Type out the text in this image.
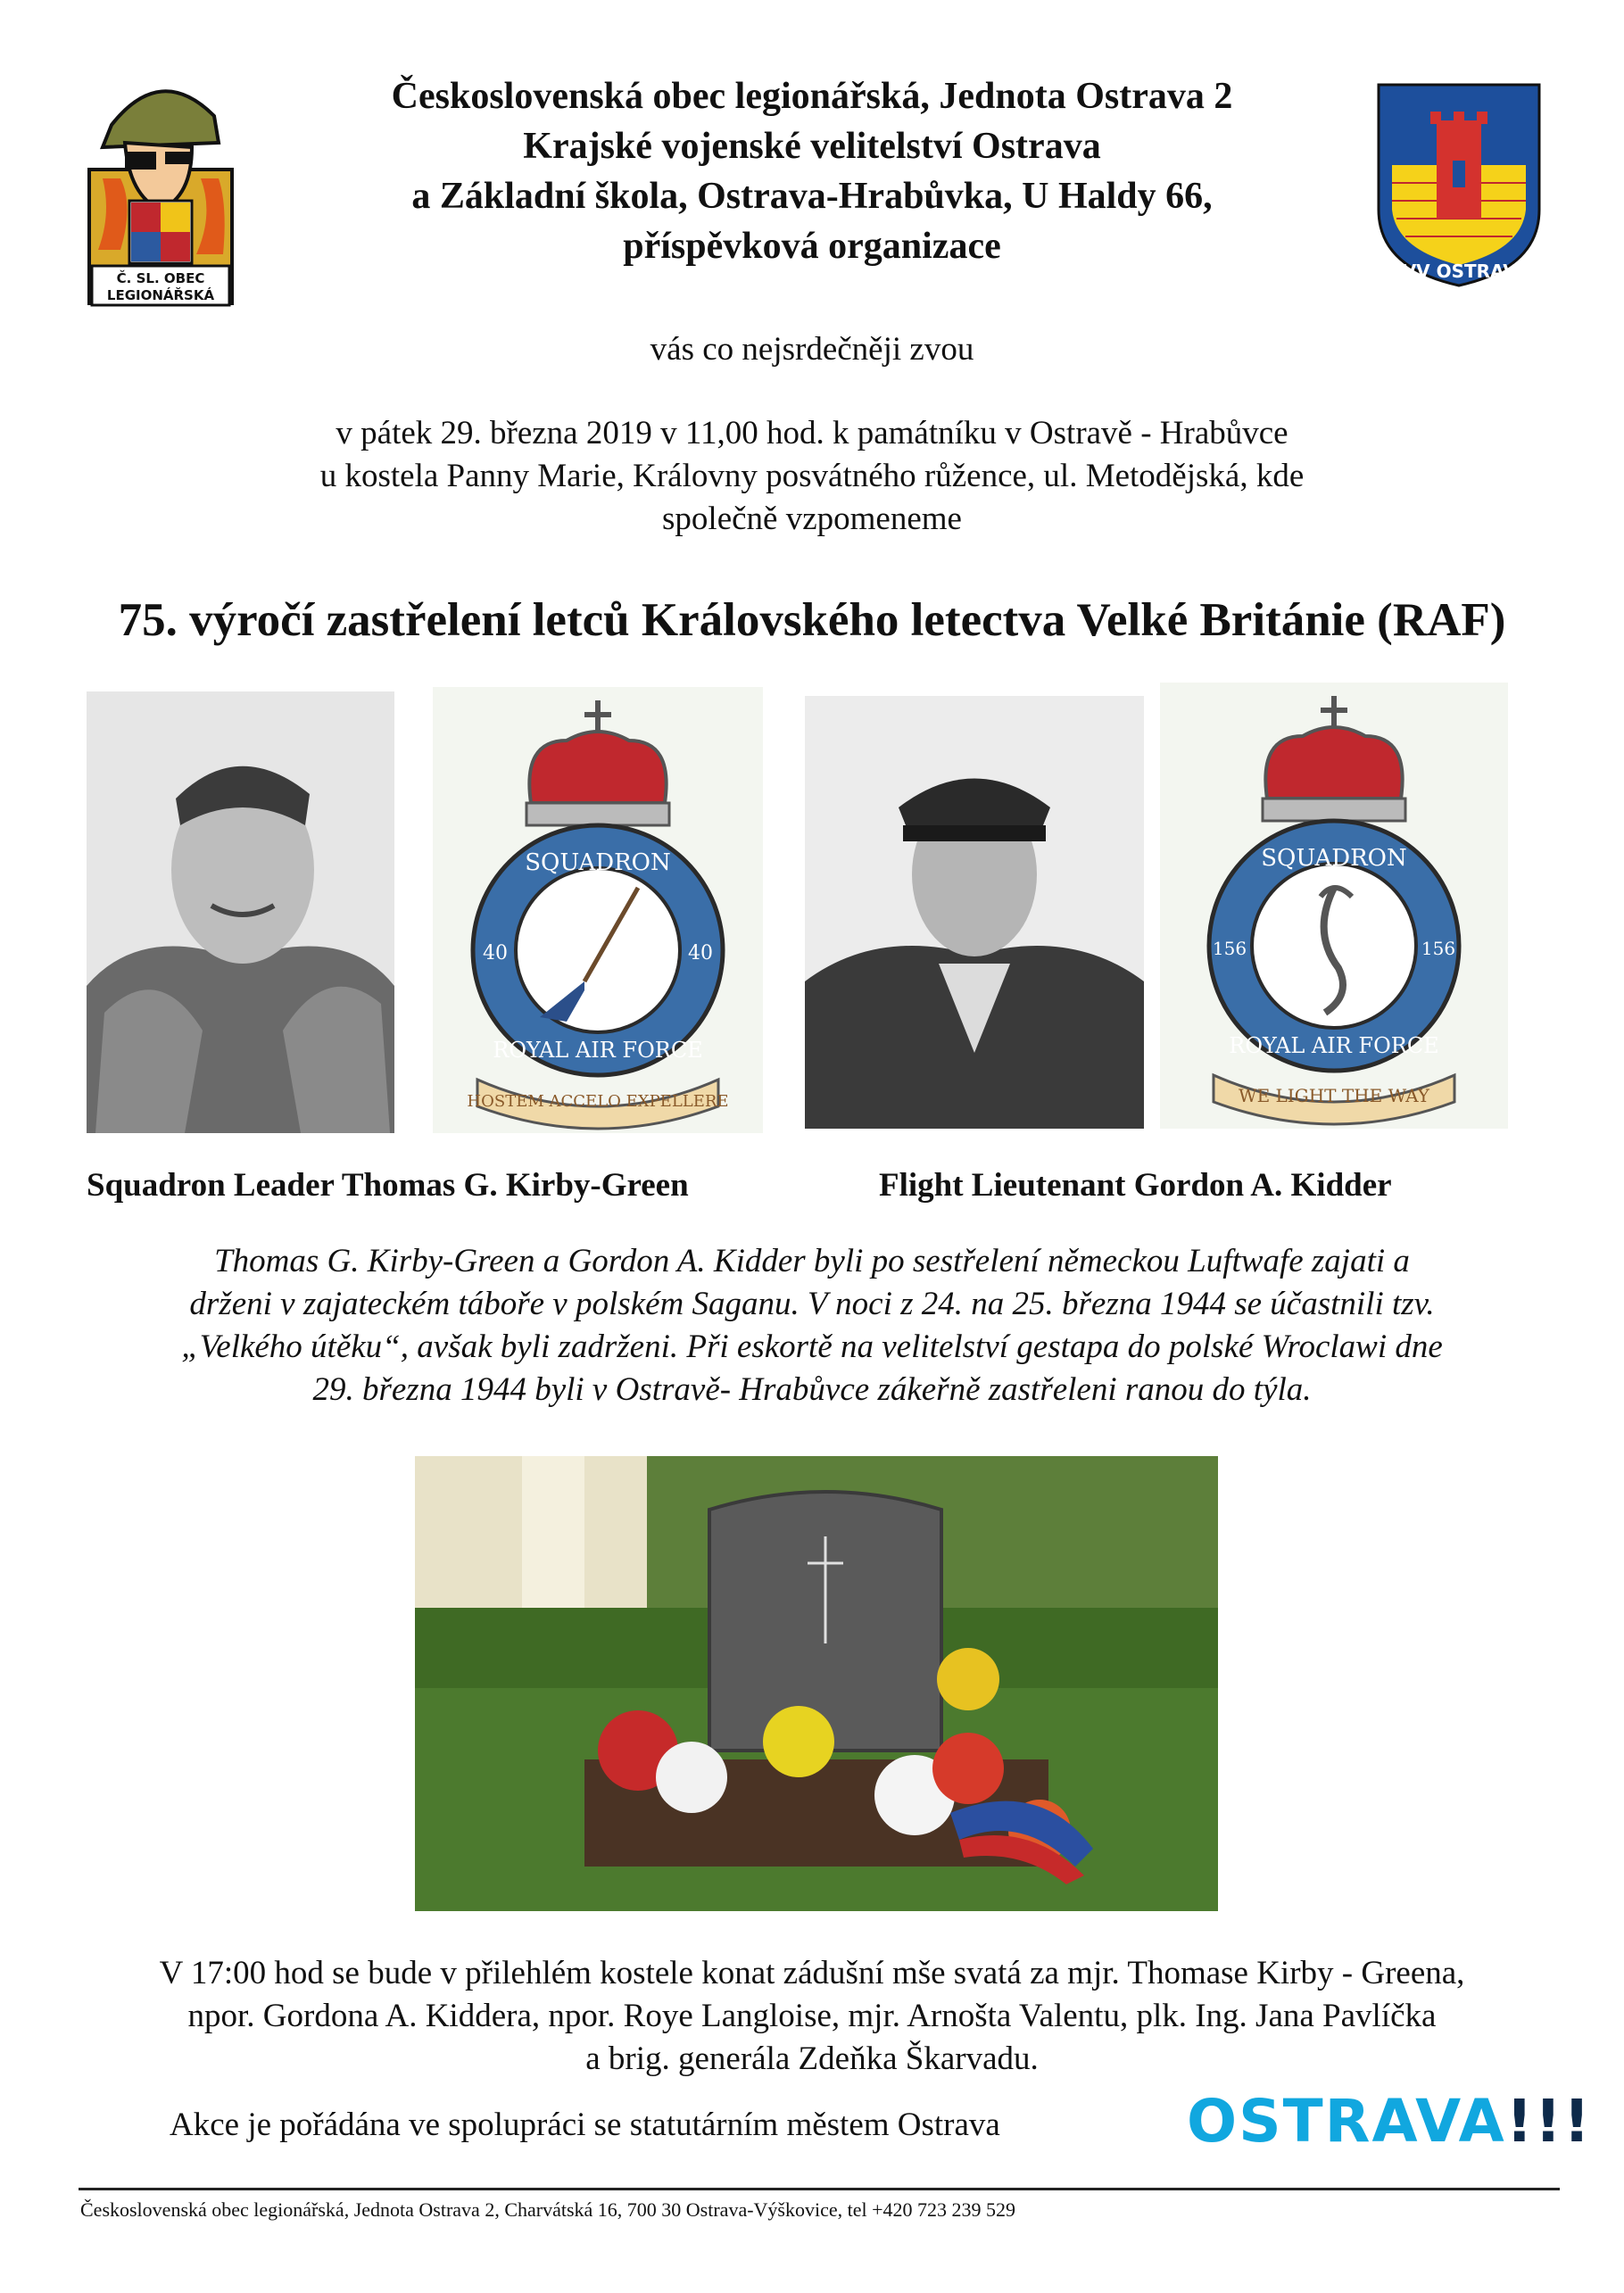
Č. SL. OBEC
LEGIONÁŘSKÁ
Československá obec legionářská, Jednota Ostrava 2
Krajské vojenské velitelství Ostrava
a Základní škola, Ostrava-Hrabůvka, U Haldy 66,
příspěvková organizace
KVV OSTRAVA
vás co nejsrdečněji zvou
v pátek 29. března 2019 v 11,00 hod. k památníku v Ostravě - Hrabůvce
u kostela Panny Marie, Královny posvátného růžence, ul. Metodějská, kde
společně vzpomeneme
75. výročí zastřelení letců Královského letectva Velké Británie (RAF)
SQUADRON
ROYAL AIR FORCE
40	40
HOSTEM ACCELO EXPELLERE
SQUADRON
ROYAL AIR FORCE
156	156
WE LIGHT THE WAY
Squadron Leader Thomas G. Kirby-Green	Flight Lieutenant Gordon A. Kidder
Thomas G. Kirby-Green a Gordon A. Kidder byli po sestřelení německou Luftwafe zajati a
drženi v zajateckém táboře v polském Saganu. V noci z 24. na 25. března 1944 se účastnili tzv.
„Velkého útěku“, avšak byli zadrženi. Při eskortě na velitelství gestapa do polské Wroclawi dne
29. března 1944 byli v Ostravě- Hrabůvce zákeřně zastřeleni ranou do týla.
V 17:00 hod se bude v přilehlém kostele konat zádušní mše svatá za mjr. Thomase Kirby - Greena,
npor. Gordona A. Kiddera, npor. Roye Langloise, mjr. Arnošta Valentu, plk. Ing. Jana Pavlíčka
a brig. generála Zdeňka Škarvadu.
Akce je pořádána ve spolupráci se statutárním městem Ostrava	OSTRAVA!!!
Československá obec legionářská, Jednota Ostrava 2, Charvátská 16, 700 30 Ostrava-Výškovice, tel +420 723 239 529
